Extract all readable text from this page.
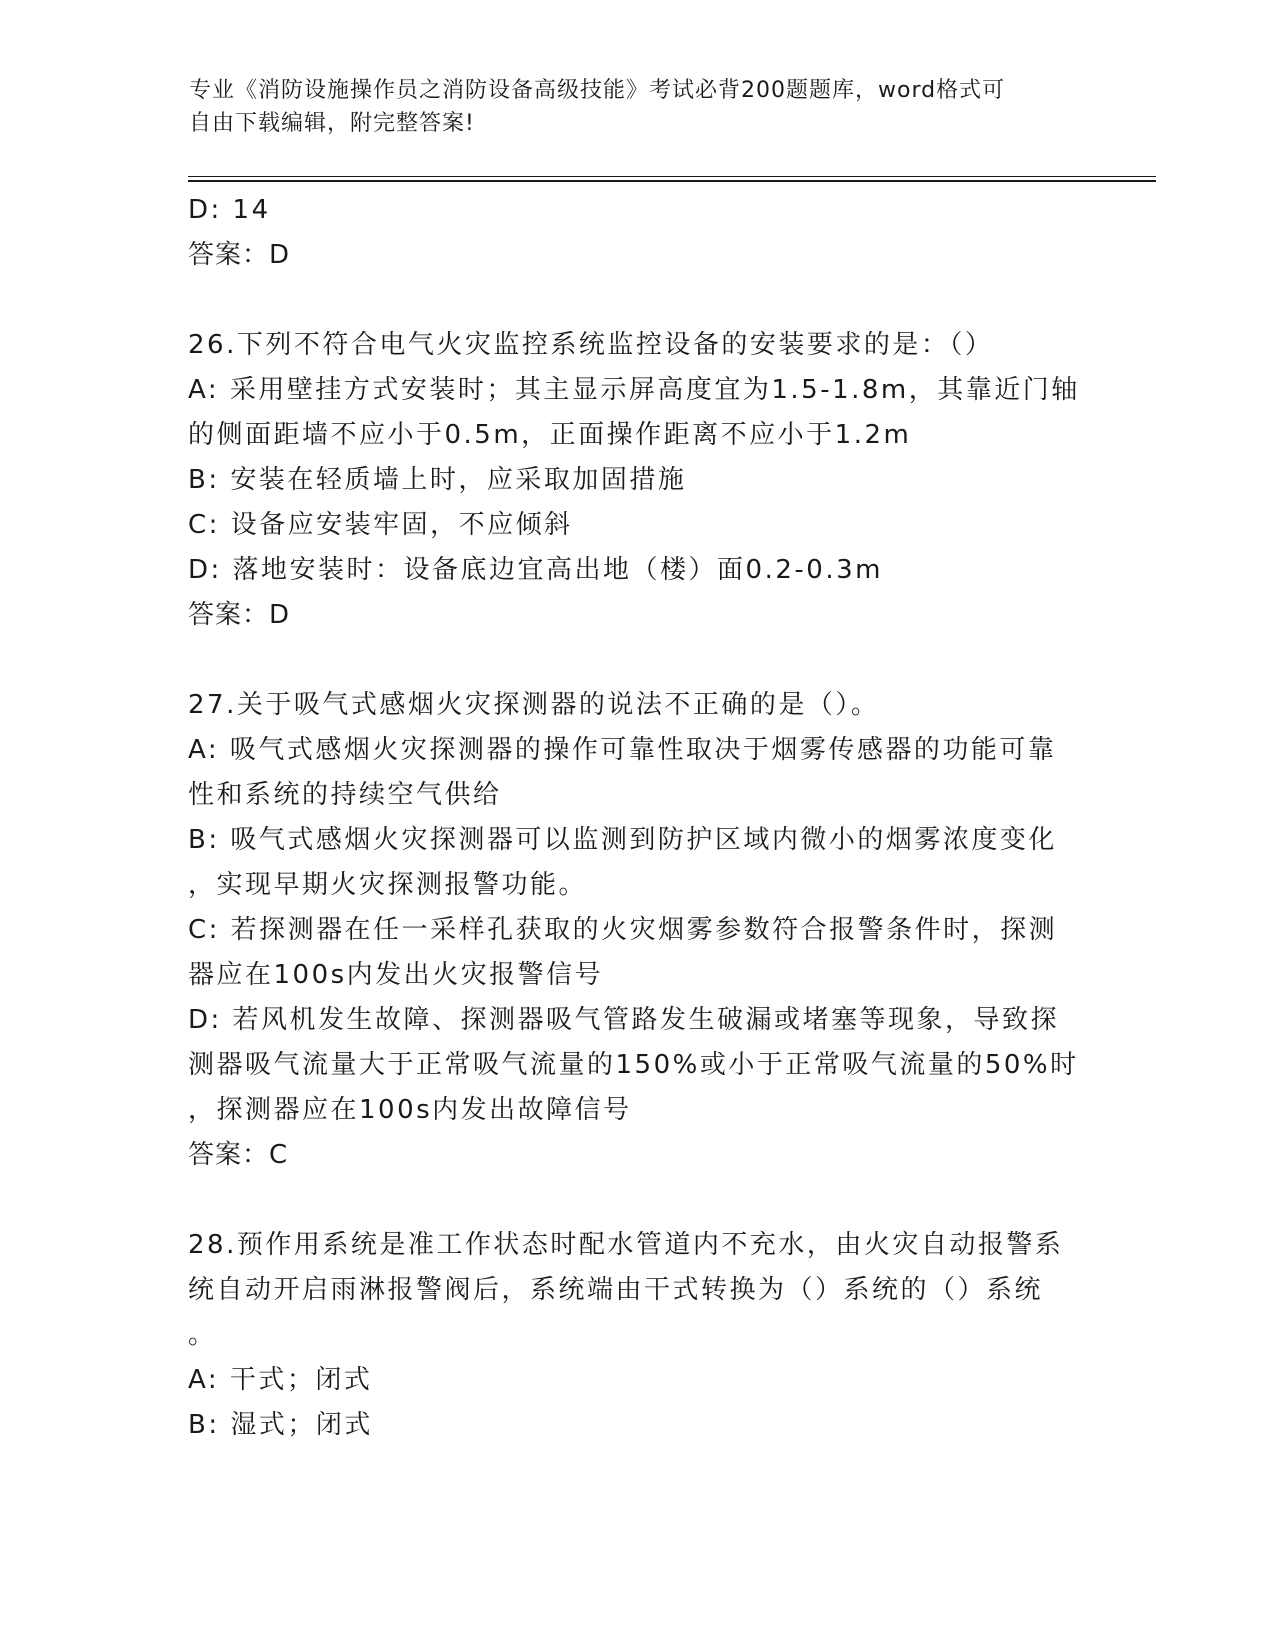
专业《消防设施操作员之消防设备高级技能》考试必背200题题库，word格式可
自由下载编辑，附完整答案!
D: 14
答案：D
26.下列不符合电气火灾监控系统监控设备的安装要求的是：（）
A: 采用壁挂方式安装时；其主显示屏高度宜为1.5-1.8m，其靠近门轴
的侧面距墙不应小于0.5m，正面操作距离不应小于1.2m
B: 安装在轻质墙上时，应采取加固措施
C: 设备应安装牢固，不应倾斜
D: 落地安装时：设备底边宜高出地（楼）面0.2-0.3m
答案：D
27.关于吸气式感烟火灾探测器的说法不正确的是（）。
A: 吸气式感烟火灾探测器的操作可靠性取决于烟雾传感器的功能可靠
性和系统的持续空气供给
B: 吸气式感烟火灾探测器可以监测到防护区域内微小的烟雾浓度变化
，实现早期火灾探测报警功能。
C: 若探测器在任一采样孔获取的火灾烟雾参数符合报警条件时，探测
器应在100s内发出火灾报警信号
D: 若风机发生故障、探测器吸气管路发生破漏或堵塞等现象，导致探
测器吸气流量大于正常吸气流量的150%或小于正常吸气流量的50%时
，探测器应在100s内发出故障信号
答案：C
28.预作用系统是准工作状态时配水管道内不充水，由火灾自动报警系
统自动开启雨淋报警阀后，系统端由干式转换为（）系统的（）系统
。
A: 干式；闭式
B: 湿式；闭式
